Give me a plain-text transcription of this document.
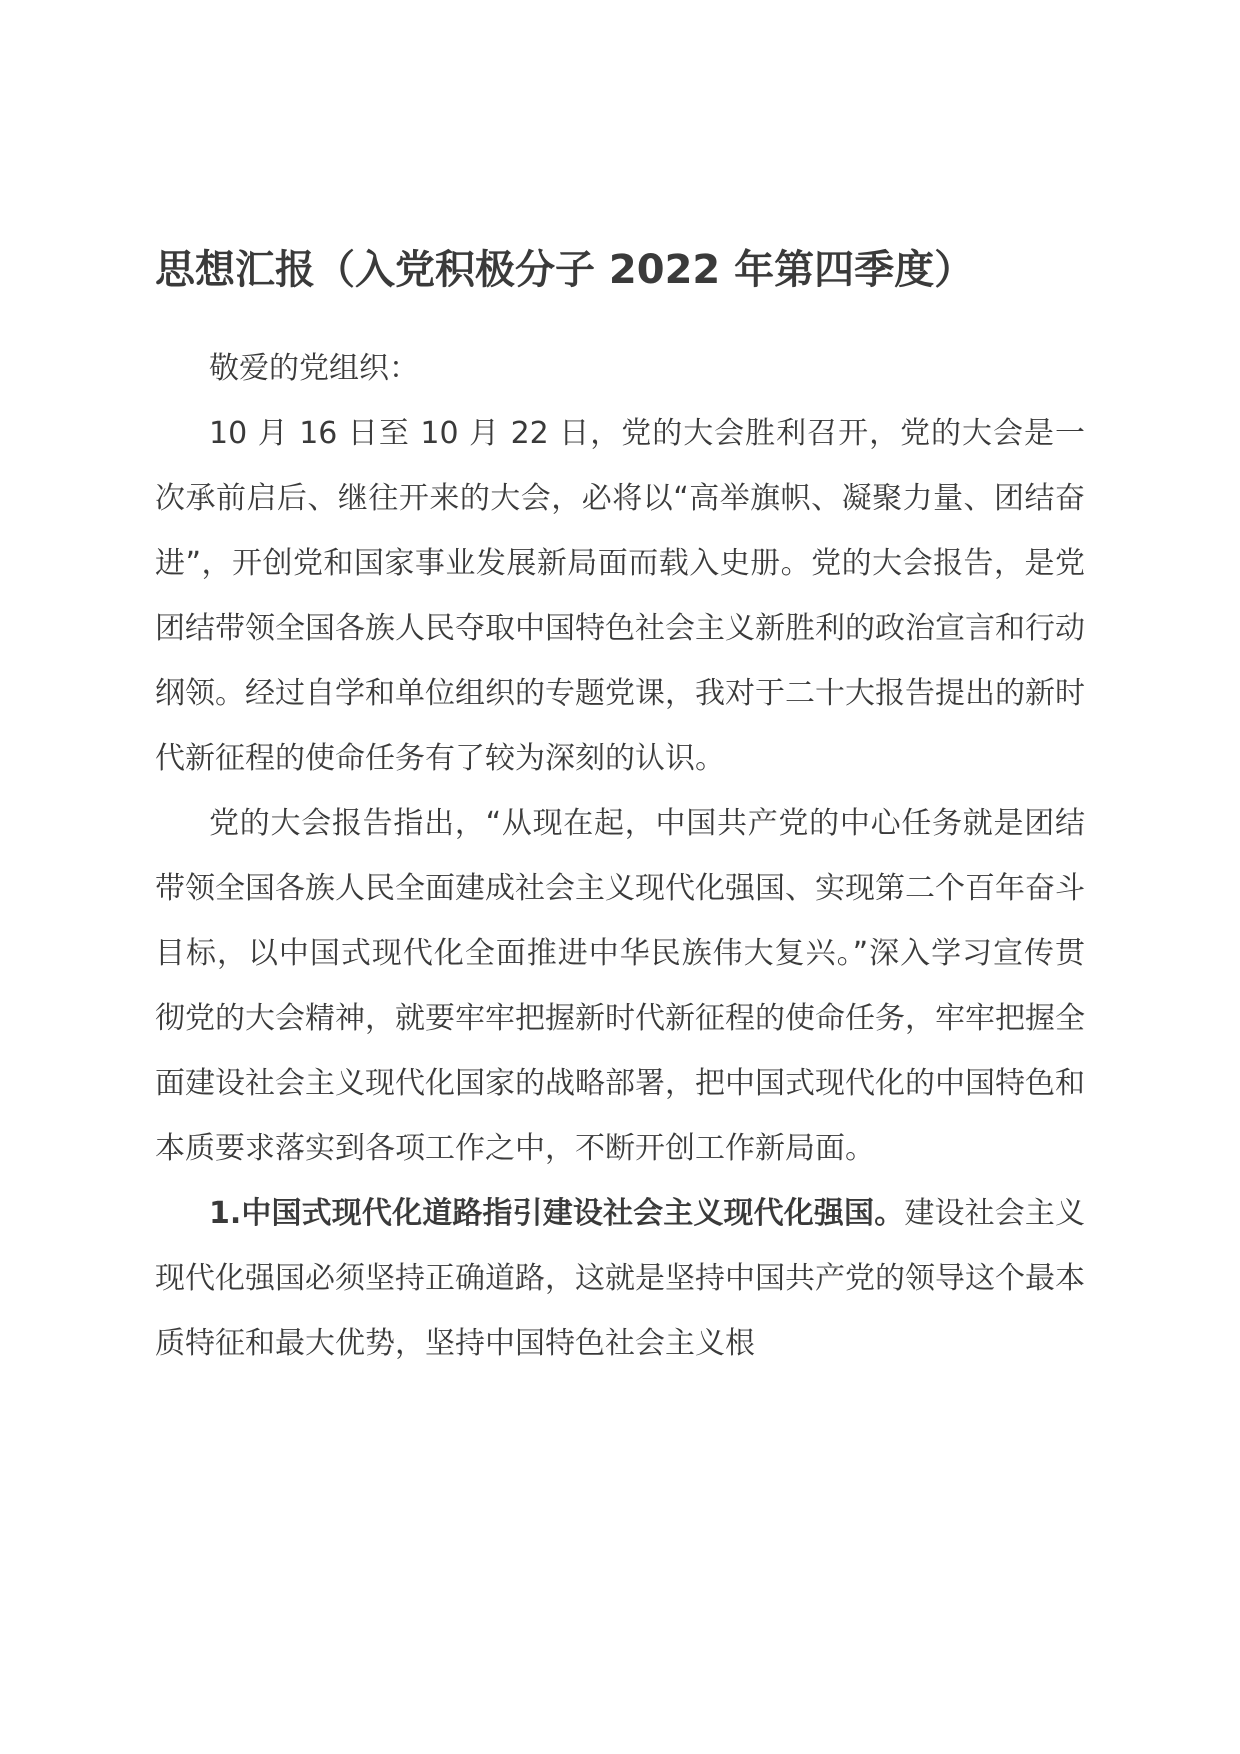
思想汇报（入党积极分子 2022 年第四季度）

敬爱的党组织：

10 月 16 日至 10 月 22 日，党的大会胜利召开，党的大会是一次承前启后、继往开来的大会，必将以“高举旗帜、凝聚力量、团结奋进”，开创党和国家事业发展新局面而载入史册。党的大会报告，是党团结带领全国各族人民夺取中国特色社会主义新胜利的政治宣言和行动纲领。经过自学和单位组织的专题党课，我对于二十大报告提出的新时代新征程的使命任务有了较为深刻的认识。

党的大会报告指出，“从现在起，中国共产党的中心任务就是团结带领全国各族人民全面建成社会主义现代化强国、实现第二个百年奋斗目标，以中国式现代化全面推进中华民族伟大复兴。”深入学习宣传贯彻党的大会精神，就要牢牢把握新时代新征程的使命任务，牢牢把握全面建设社会主义现代化国家的战略部署，把中国式现代化的中国特色和本质要求落实到各项工作之中，不断开创工作新局面。

1.中国式现代化道路指引建设社会主义现代化强国。建设社会主义现代化强国必须坚持正确道路，这就是坚持中国共产党的领导这个最本质特征和最大优势，坚持中国特色社会主义根
